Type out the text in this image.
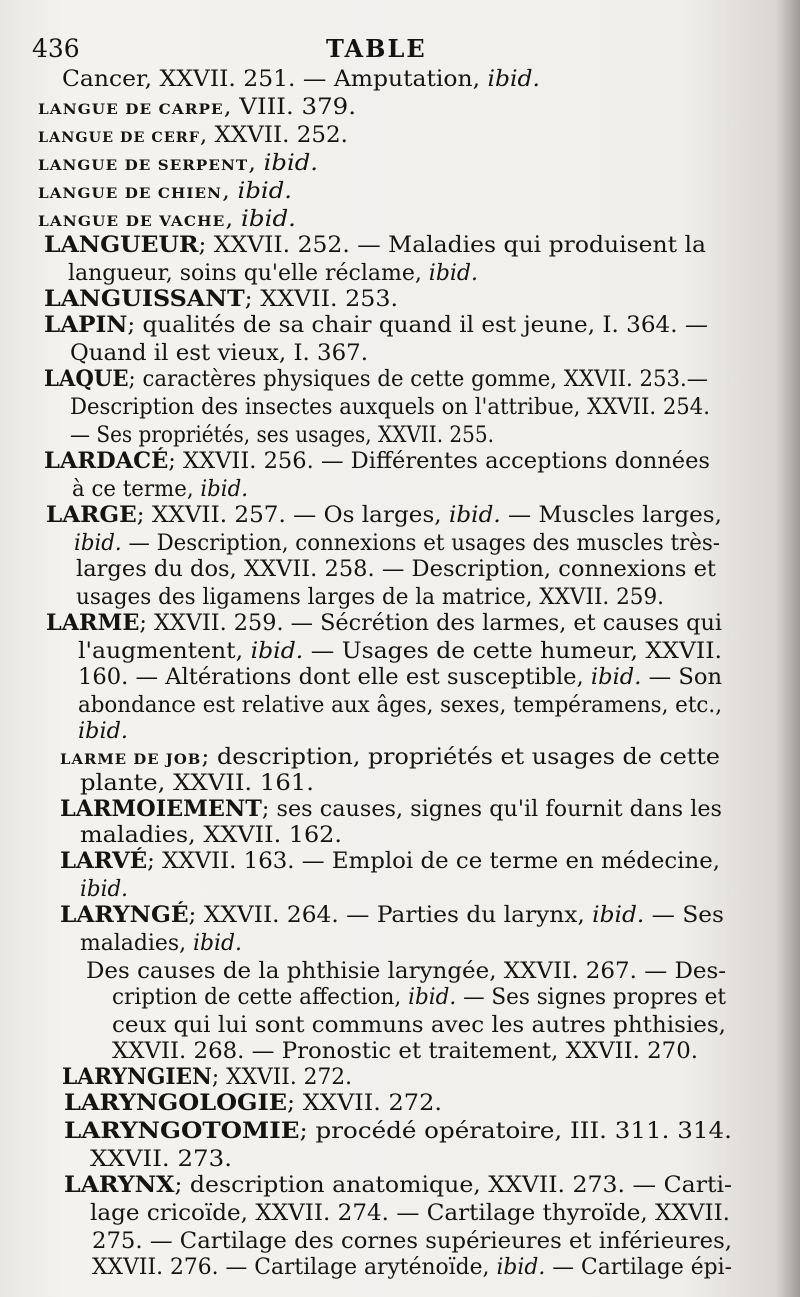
436	TABLE
Cancer, XXVII. 251. — Amputation, ibid.
LANGUE DE CARPE, VIII. 379.
LANGUE DE CERF, XXVII. 252.
LANGUE DE SERPENT, ibid.
LANGUE DE CHIEN, ibid.
LANGUE DE VACHE, ibid.
LANGUEUR; XXVII. 252. — Maladies qui produisent la
langueur, soins qu'elle réclame, ibid.
LANGUISSANT; XXVII. 253.
LAPIN; qualités de sa chair quand il est jeune, I. 364. —
Quand il est vieux, I. 367.
LAQUE; caractères physiques de cette gomme, XXVII. 253.—
Description des insectes auxquels on l'attribue, XXVII. 254.
— Ses propriétés, ses usages, XXVII. 255.
LARDACÉ; XXVII. 256. — Différentes acceptions données
à ce terme, ibid.
LARGE; XXVII. 257. — Os larges, ibid. — Muscles larges,
ibid. — Description, connexions et usages des muscles très-
larges du dos, XXVII. 258. — Description, connexions et
usages des ligamens larges de la matrice, XXVII. 259.
LARME; XXVII. 259. — Sécrétion des larmes, et causes qui
l'augmentent, ibid. — Usages de cette humeur, XXVII.
160. — Altérations dont elle est susceptible, ibid. — Son
abondance est relative aux âges, sexes, tempéramens, etc.,
ibid.
LARME DE JOB; description, propriétés et usages de cette
plante, XXVII. 161.
LARMOIEMENT; ses causes, signes qu'il fournit dans les
maladies, XXVII. 162.
LARVÉ; XXVII. 163. — Emploi de ce terme en médecine,
ibid.
LARYNGÉ; XXVII. 264. — Parties du larynx, ibid. — Ses
maladies, ibid.
Des causes de la phthisie laryngée, XXVII. 267. — Des-
cription de cette affection, ibid. — Ses signes propres et
ceux qui lui sont communs avec les autres phthisies,
XXVII. 268. — Pronostic et traitement, XXVII. 270.
LARYNGIEN; XXVII. 272.
LARYNGOLOGIE; XXVII. 272.
LARYNGOTOMIE; procédé opératoire, III. 311. 314.
XXVII. 273.
LARYNX; description anatomique, XXVII. 273. — Carti-
lage cricoïde, XXVII. 274. — Cartilage thyroïde, XXVII.
275. — Cartilage des cornes supérieures et inférieures,
XXVII. 276. — Cartilage aryténoïde, ibid. — Cartilage épi-
